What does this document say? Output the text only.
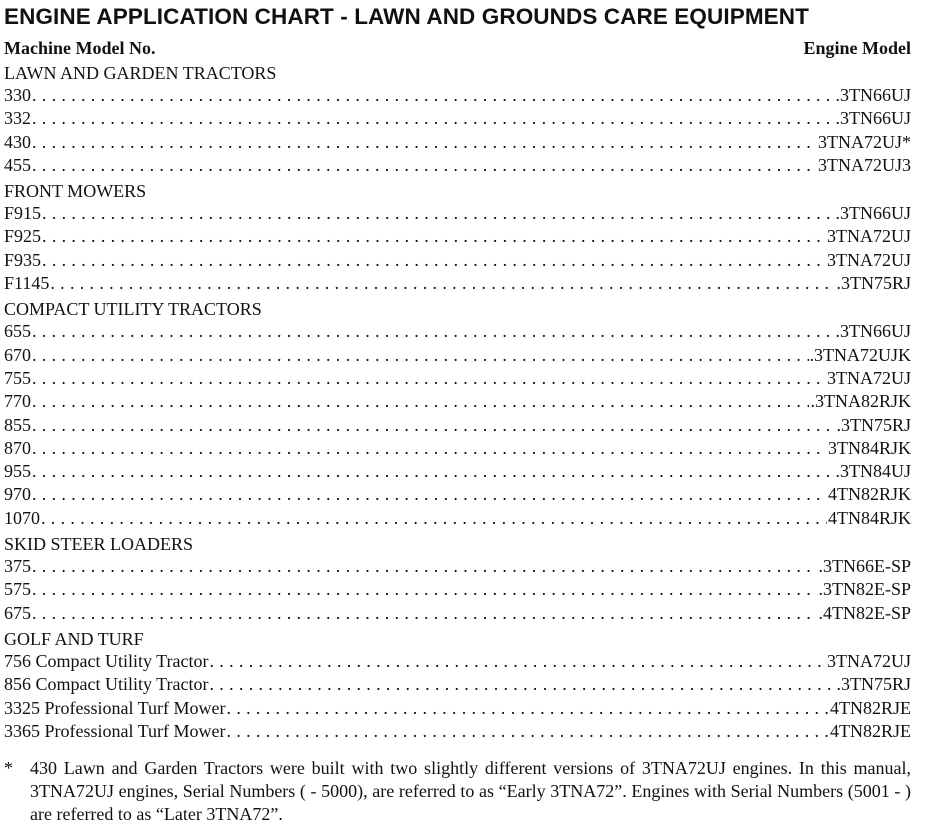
ENGINE APPLICATION CHART - LAWN AND GROUNDS CARE EQUIPMENT
Machine Model No.	Engine Model
LAWN AND GARDEN TRACTORS
330 . . .	.3TN66UJ
332 . . .	.3TN66UJ
430 . . .	3TNA72UJ*
455 . . .	3TNA72UJ3
FRONT MOWERS
F915 . . .	.3TN66UJ
F925 . . .	3TNA72UJ
F935 . . .	3TNA72UJ
F1145 . . .	.3TN75RJ
COMPACT UTILITY TRACTORS
655 . . .	.3TN66UJ
670 . . .	.3TNA72UJK
755 . . .	3TNA72UJ
770 . . .	.3TNA82RJK
855 . . .	.3TN75RJ
870 . . .	3TN84RJK
955 . . .	.3TN84UJ
970 . . .	4TN82RJK
1070 . . .	4TN84RJK
SKID STEER LOADERS
375 . . .	.3TN66E-SP
575 . . .	.3TN82E-SP
675 . . .	.4TN82E-SP
GOLF AND TURF
756 Compact Utility Tractor . . .	3TNA72UJ
856 Compact Utility Tractor . . .	.3TN75RJ
3325 Professional Turf Mower . . .	4TN82RJE
3365 Professional Turf Mower . . .	4TN82RJE
* 430 Lawn and Garden Tractors were built with two slightly different versions of 3TNA72UJ engines. In this manual, 3TNA72UJ engines, Serial Numbers ( - 5000), are referred to as “Early 3TNA72”. Engines with Serial Numbers (5001 - ) are referred to as “Later 3TNA72”.
